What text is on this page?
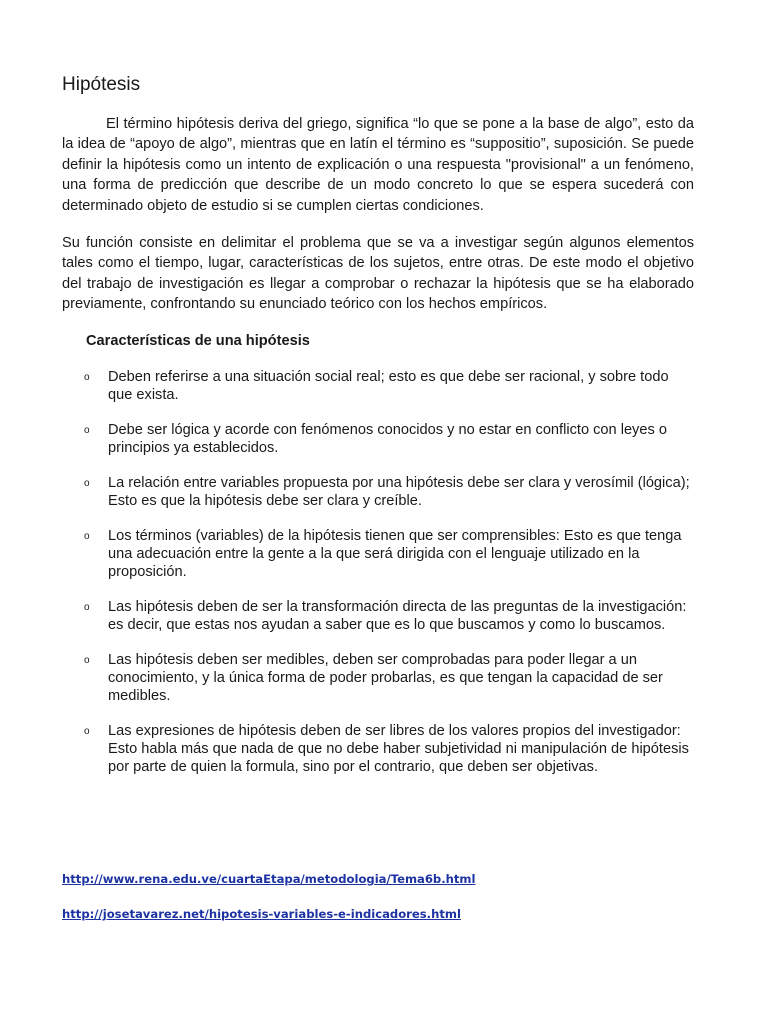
Hipótesis

El término hipótesis deriva del griego, significa “lo que se pone a la base de algo”, esto da la idea de “apoyo de algo”, mientras que en latín el término es “suppositio”, suposición. Se puede definir la hipótesis como un intento de explicación o una respuesta "provisional" a un fenómeno, una forma de predicción que describe de un modo concreto lo que se espera sucederá con determinado objeto de estudio si se cumplen ciertas condiciones.

Su función consiste en delimitar el problema que se va a investigar según algunos elementos tales como el tiempo, lugar, características de los sujetos, entre otras. De este modo el objetivo del trabajo de investigación es llegar a comprobar o rechazar la hipótesis que se ha elaborado previamente, confrontando su enunciado teórico con los hechos empíricos.

Características de una hipótesis
o Deben referirse a una situación social real; esto es que debe ser racional, y sobre todo que exista.
o Debe ser lógica y acorde con fenómenos conocidos y no estar en conflicto con leyes o principios ya establecidos.
o La relación entre variables propuesta por una hipótesis debe ser clara y verosímil (lógica); Esto es que la hipótesis debe ser clara y creíble.
o Los términos (variables) de la hipótesis tienen que ser comprensibles: Esto es que tenga una adecuación entre la gente a la que será dirigida con el lenguaje utilizado en la proposición.
o Las hipótesis deben de ser la transformación directa de las preguntas de la investigación: es decir, que estas nos ayudan a saber que es lo que buscamos y como lo buscamos.
o Las hipótesis deben ser medibles, deben ser comprobadas para poder llegar a un conocimiento, y la única forma de poder probarlas, es que tengan la capacidad de ser medibles.
o Las expresiones de hipótesis deben de ser libres de los valores propios del investigador: Esto habla más que nada de que no debe haber subjetividad ni manipulación de hipótesis por parte de quien la formula, sino por el contrario, que deben ser objetivas.
http://www.rena.edu.ve/cuartaEtapa/metodologia/Tema6b.html
http://josetavarez.net/hipotesis-variables-e-indicadores.html
